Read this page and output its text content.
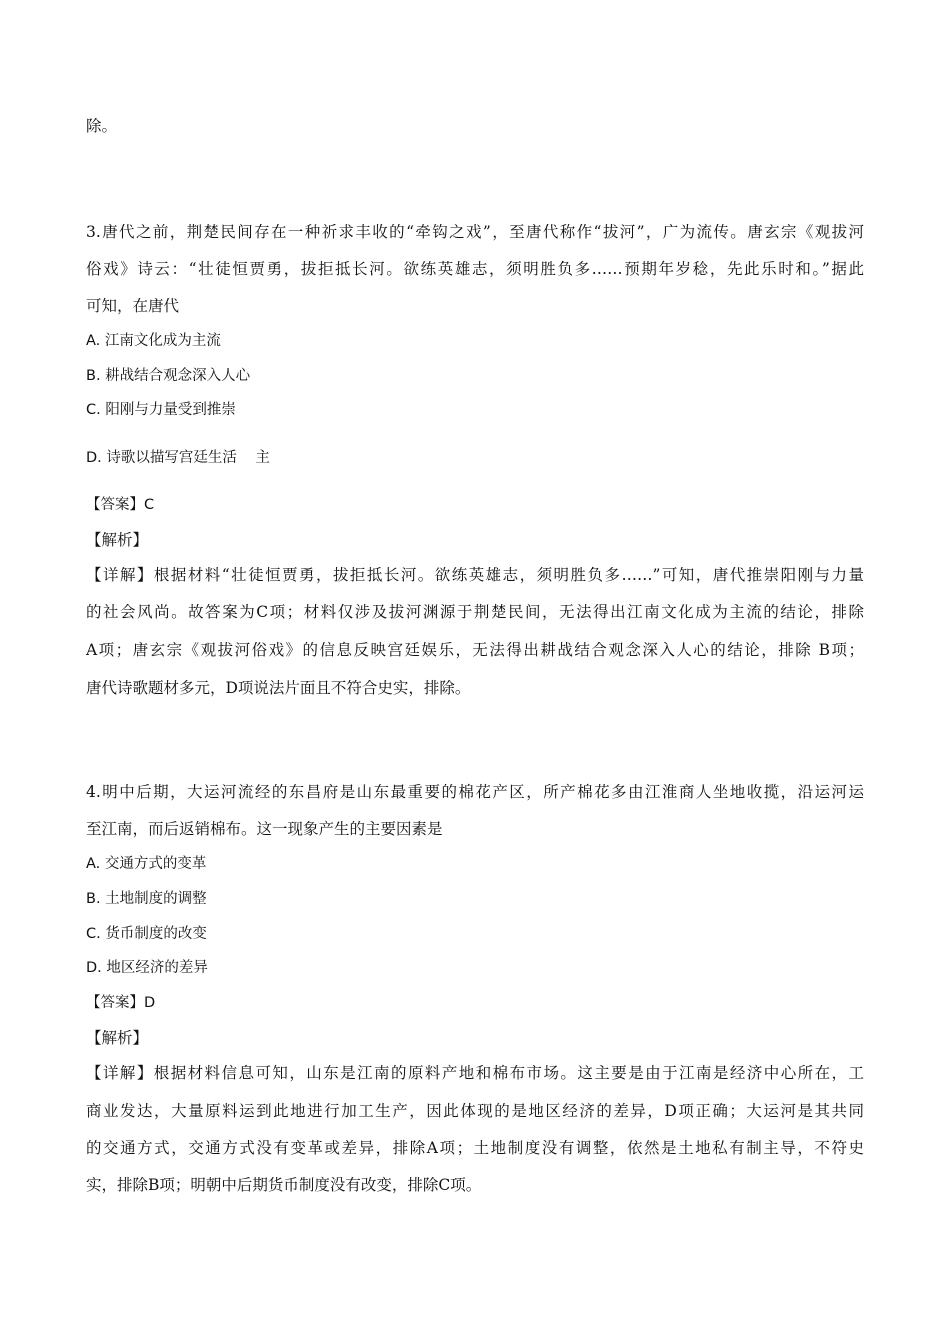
除。

3.唐代之前，荆楚民间存在一种祈求丰收的“牵钩之戏”，至唐代称作“拔河”，广为流传。唐玄宗《观拔河

俗戏》诗云：“壮徒恒贾勇，拔拒抵长河。欲练英雄志，须明胜负多……预期年岁稔，先此乐时和。”据此

可知，在唐代

A. 江南文化成为主流

B. 耕战结合观念深入人心

C. 阳刚与力量受到推崇

D. 诗歌以描写宫廷生活    主

【答案】C

【解析】

【详解】根据材料“壮徒恒贾勇，拔拒抵长河。欲练英雄志，须明胜负多……”可知，唐代推崇阳刚与力量

的社会风尚。故答案为C项；材料仅涉及拔河渊源于荆楚民间，无法得出江南文化成为主流的结论，排除

A项；唐玄宗《观拔河俗戏》的信息反映宫廷娱乐，无法得出耕战结合观念深入人心的结论，排除 B项；

唐代诗歌题材多元，D项说法片面且不符合史实，排除。

4.明中后期，大运河流经的东昌府是山东最重要的棉花产区，所产棉花多由江淮商人坐地收揽，沿运河运

至江南，而后返销棉布。这一现象产生的主要因素是

A. 交通方式的变革

B. 土地制度的调整

C. 货币制度的改变

D. 地区经济的差异

【答案】D

【解析】

【详解】根据材料信息可知，山东是江南的原料产地和棉布市场。这主要是由于江南是经济中心所在，工

商业发达，大量原料运到此地进行加工生产，因此体现的是地区经济的差异，D项正确；大运河是其共同

的交通方式，交通方式没有变革或差异，排除A项；土地制度没有调整，依然是土地私有制主导，不符史

实，排除B项；明朝中后期货币制度没有改变，排除C项。
